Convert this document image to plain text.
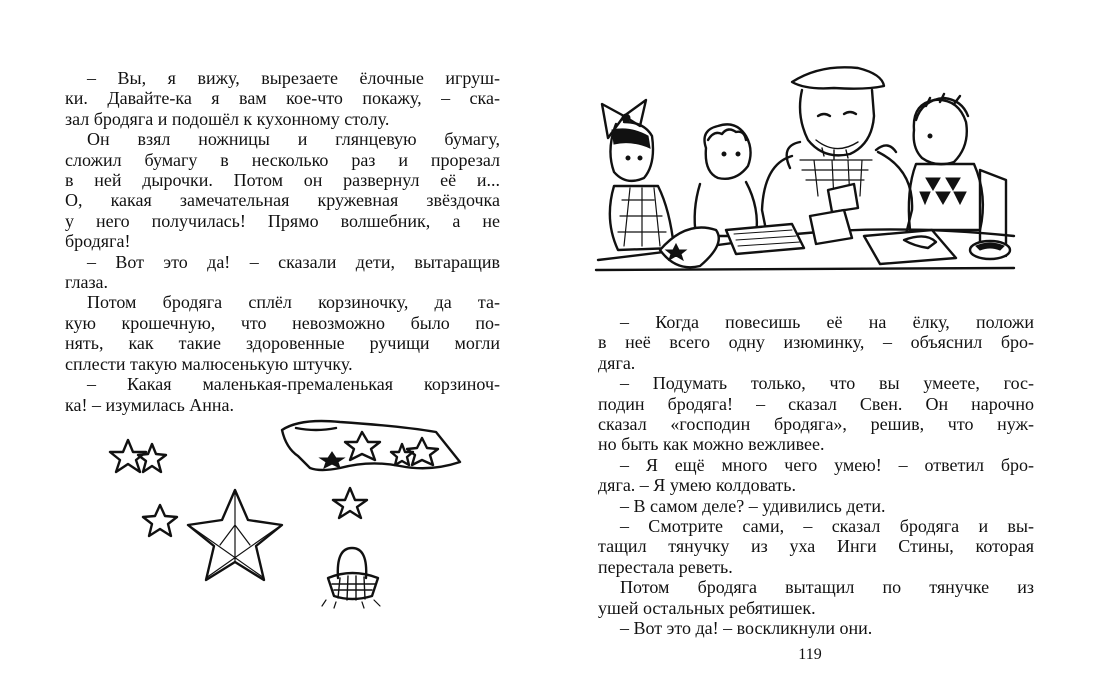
– Вы, я вижу, вырезаете ёлочные игруш-
ки. Давайте-ка я вам кое-что покажу, – ска-
зал бродяга и подошёл к кухонному столу.

Он взял ножницы и глянцевую бумагу,
сложил бумагу в несколько раз и прорезал
в ней дырочки. Потом он развернул её и...
О, какая замечательная кружевная звёздочка
у него получилась! Прямо волшебник, а не
бродяга!

– Вот это да! – сказали дети, вытаращив
глаза.

Потом бродяга сплёл корзиночку, да та-
кую крошечную, что невозможно было по-
нять, как такие здоровенные ручищи могли
сплести такую малюсенькую штучку.

– Какая маленькая-премаленькая корзиноч-
ка! – изумилась Анна.

– Когда повесишь её на ёлку, положи
в неё всего одну изюминку, – объяснил бро-
дяга.

– Подумать только, что вы умеете, гос-
подин бродяга! – сказал Свен. Он нарочно
сказал «господин бродяга», решив, что нуж-
но быть как можно вежливее.

– Я ещё много чего умею! – ответил бро-
дяга. – Я умею колдовать.

– В самом деле? – удивились дети.

– Смотрите сами, – сказал бродяга и вы-
тащил тянучку из уха Инги Стины, которая
перестала реветь.

Потом бродяга вытащил по тянучке из
ушей остальных ребятишек.

– Вот это да! – воскликнули они.

119
